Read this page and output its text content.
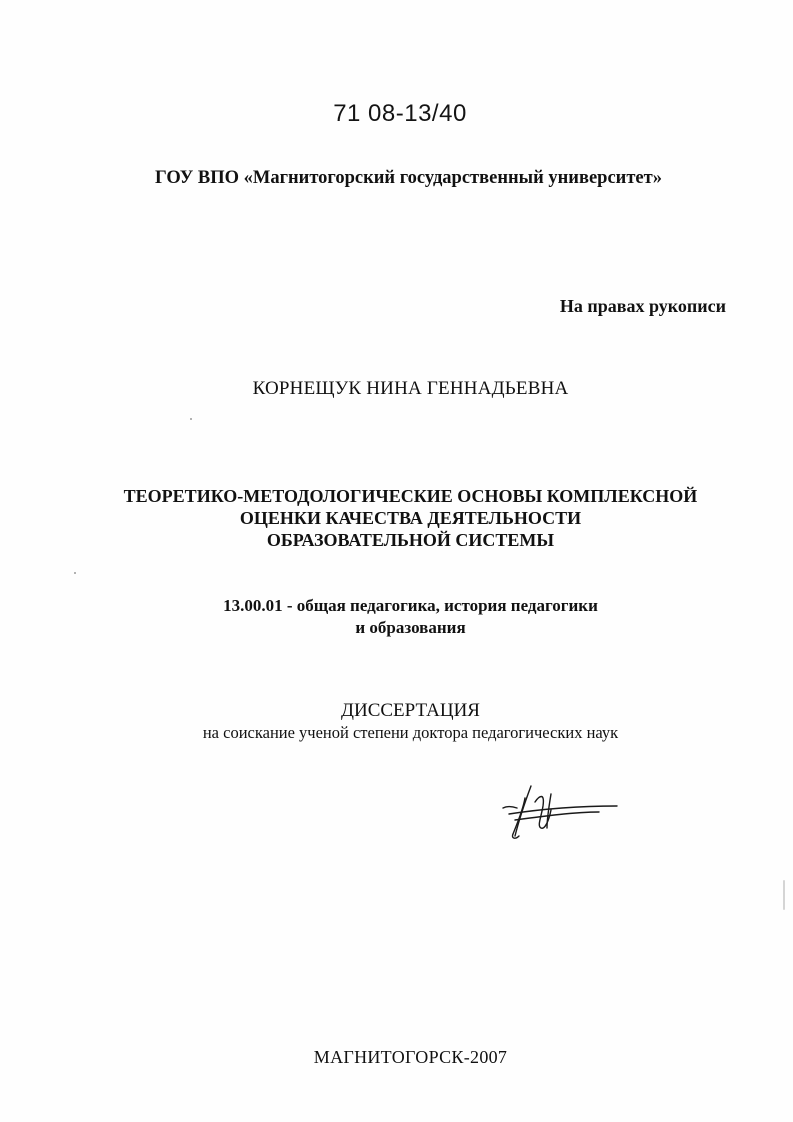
71 08-13/40
ГОУ ВПО «Магнитогорский государственный университет»
На правах рукописи
КОРНЕЩУК НИНА ГЕННАДЬЕВНА
ТЕОРЕТИКО-МЕТОДОЛОГИЧЕСКИЕ ОСНОВЫ КОМПЛЕКСНОЙ
ОЦЕНКИ КАЧЕСТВА ДЕЯТЕЛЬНОСТИ
ОБРАЗОВАТЕЛЬНОЙ СИСТЕМЫ
13.00.01 - общая педагогика, история педагогики
и образования
ДИССЕРТАЦИЯ
на соискание ученой степени доктора педагогических наук
МАГНИТОГОРСК-2007
